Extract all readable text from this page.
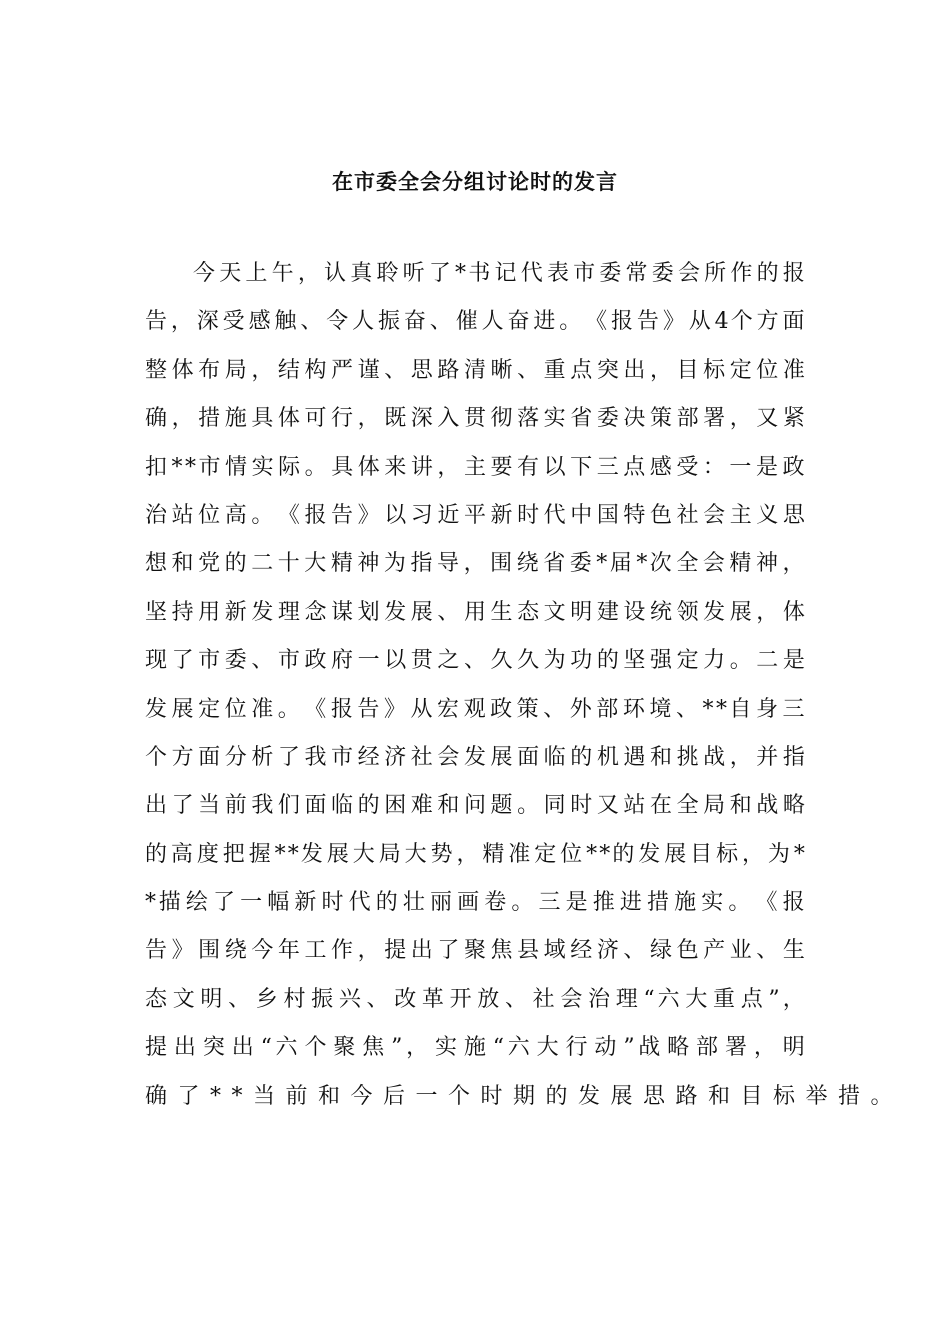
在市委全会分组讨论时的发言
今 天 上 午 ， 认 真 聆 听 了 * 书 记 代 表 市 委 常 委 会 所 作 的 报
告 ， 深 受 感 触 、 令 人 振 奋 、 催 人 奋 进 。 《 报 告 》 从 4 个 方 面
整 体 布 局 ， 结 构 严 谨 、 思 路 清 晰 、 重 点 突 出 ， 目 标 定 位 准
确 ， 措 施 具 体 可 行 ， 既 深 入 贯 彻 落 实 省 委 决 策 部 署 ， 又 紧
扣 * * 市 情 实 际 。 具 体 来 讲 ， 主 要 有 以 下 三 点 感 受 ： 一 是 政
治 站 位 高 。 《 报 告 》 以 习 近 平 新 时 代 中 国 特 色 社 会 主 义 思
想 和 党 的 二 十 大 精 神 为 指 导 ， 围 绕 省 委 * 届 * 次 全 会 精 神 ，
坚 持 用 新 发 理 念 谋 划 发 展 、 用 生 态 文 明 建 设 统 领 发 展 ， 体
现 了 市 委 、 市 政 府 一 以 贯 之 、 久 久 为 功 的 坚 强 定 力 。 二 是
发 展 定 位 准 。 《 报 告 》 从 宏 观 政 策 、 外 部 环 境 、 * * 自 身 三
个 方 面 分 析 了 我 市 经 济 社 会 发 展 面 临 的 机 遇 和 挑 战 ， 并 指
出 了 当 前 我 们 面 临 的 困 难 和 问 题 。 同 时 又 站 在 全 局 和 战 略
的 高 度 把 握 * * 发 展 大 局 大 势 ， 精 准 定 位 * * 的 发 展 目 标 ， 为 *
* 描 绘 了 一 幅 新 时 代 的 壮 丽 画 卷 。 三 是 推 进 措 施 实 。 《 报
告 》 围 绕 今 年 工 作 ， 提 出 了 聚 焦 县 域 经 济 、 绿 色 产 业 、 生
态 文 明 、 乡 村 振 兴 、 改 革 开 放 、 社 会 治 理 “ 六 大 重 点 ” ，
提 出 突 出 “ 六 个 聚 焦 ” ， 实 施 “ 六 大 行 动 ” 战 略 部 署 ， 明
确了**当前和今后一个时期的发展思路和目标举措。
